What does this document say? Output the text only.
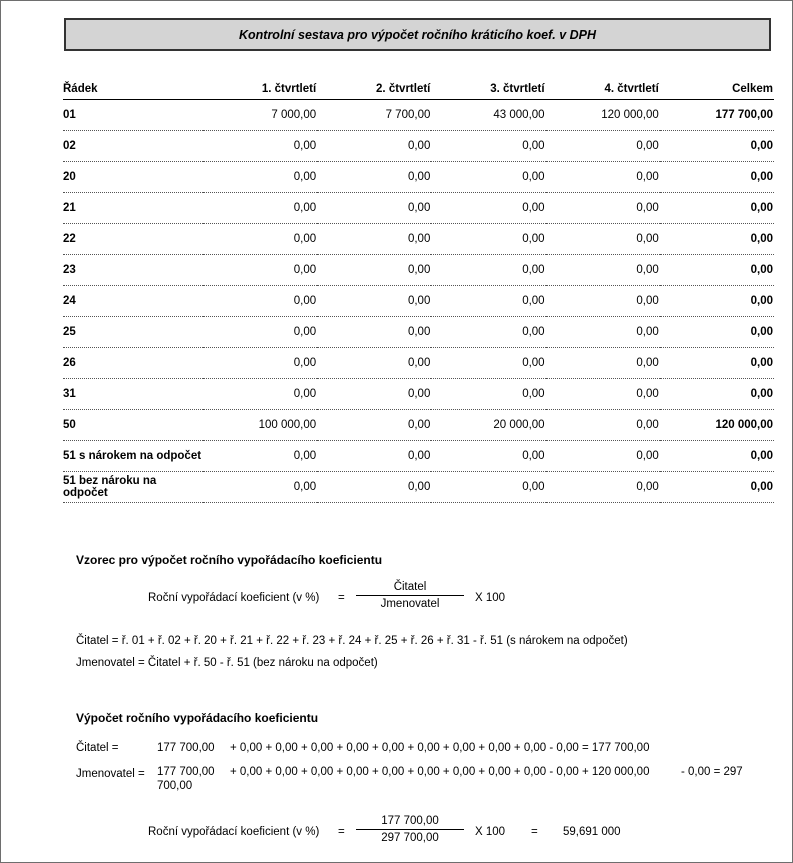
Kontrolní sestava pro výpočet ročního kráticího koef. v DPH
Řádek	1. čtvrtletí	2. čtvrtletí	3. čtvrtletí	4. čtvrtletí	Celkem
01	7 000,00	7 700,00	43 000,00	120 000,00	177 700,00
02	0,00	0,00	0,00	0,00	0,00
20	0,00	0,00	0,00	0,00	0,00
21	0,00	0,00	0,00	0,00	0,00
22	0,00	0,00	0,00	0,00	0,00
23	0,00	0,00	0,00	0,00	0,00
24	0,00	0,00	0,00	0,00	0,00
25	0,00	0,00	0,00	0,00	0,00
26	0,00	0,00	0,00	0,00	0,00
31	0,00	0,00	0,00	0,00	0,00
50	100 000,00	0,00	20 000,00	0,00	120 000,00
51 s nárokem na odpočet	0,00	0,00	0,00	0,00	0,00
51 bez nároku na odpočet	0,00	0,00	0,00	0,00	0,00
Vzorec pro výpočet ročního vypořádacího koeficientu
Roční vypořádací koeficient (v %) =
Čitatel
Jmenovatel	X 100
Čitatel = ř. 01 + ř. 02 + ř. 20 + ř. 21 + ř. 22 + ř. 23 + ř. 24 + ř. 25 + ř. 26 + ř. 31 - ř. 51 (s nárokem na odpočet)
Jmenovatel = Čitatel + ř. 50 - ř. 51 (bez nároku na odpočet)
Výpočet ročního vypořádacího koeficientu
Čitatel =	177 700,00 + 0,00 + 0,00 + 0,00 + 0,00 + 0,00 + 0,00 + 0,00 + 0,00 + 0,00 - 0,00 = 177 700,00
Jmenovatel = 177 700,00
700,00
+ 0,00 + 0,00 + 0,00 + 0,00 + 0,00 + 0,00 + 0,00 + 0,00 + 0,00 - 0,00 + 120 000,00	- 0,00 = 297
Roční vypořádací koeficient (v %) =
177 700,00
297 700,00	X 100 = 59,691 000
